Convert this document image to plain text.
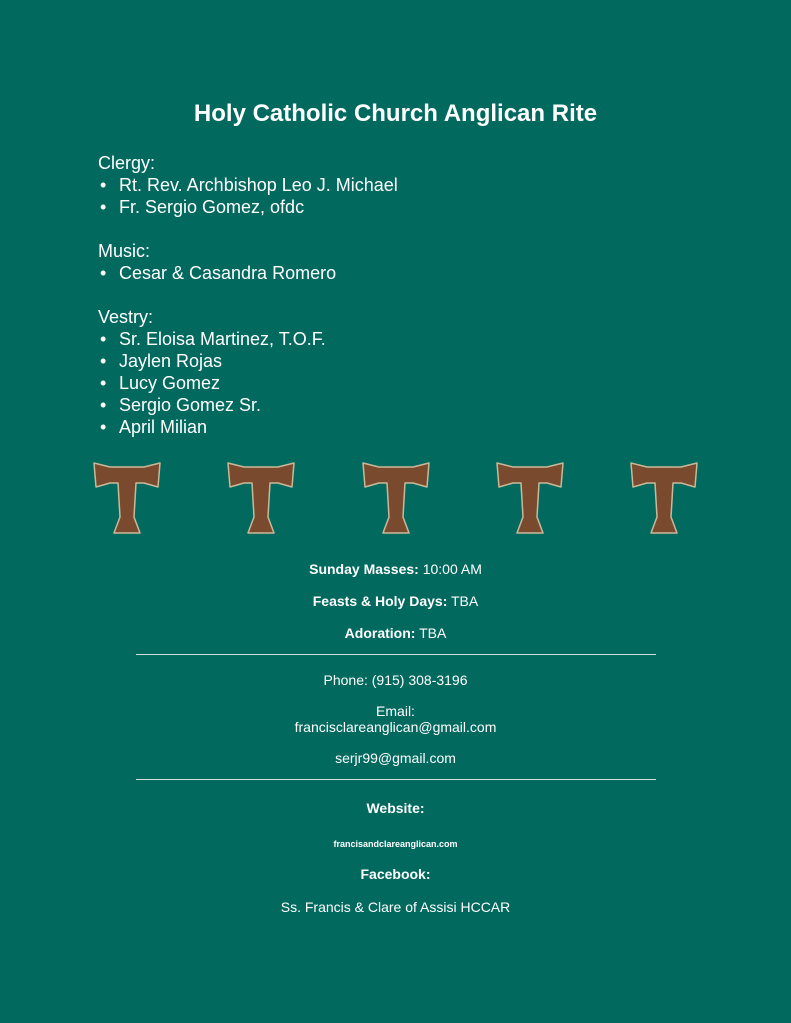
Holy Catholic Church Anglican Rite

Clergy:

• Rt. Rev. Archbishop Leo J. Michael
• Fr. Sergio Gomez, ofdc

Music:

• Cesar & Casandra Romero

Vestry:

• Sr. Eloisa Martinez, T.O.F.
• Jaylen Rojas
• Lucy Gomez
• Sergio Gomez Sr.
• April Milian
Sunday Masses: 10:00 AM
Feasts & Holy Days: TBA
Adoration: TBA
Phone: (915) 308-3196
Email:
francisclareanglican@gmail.com
serjr99@gmail.com
Website:
francisandclareanglican.com
Facebook:
Ss. Francis & Clare of Assisi HCCAR
